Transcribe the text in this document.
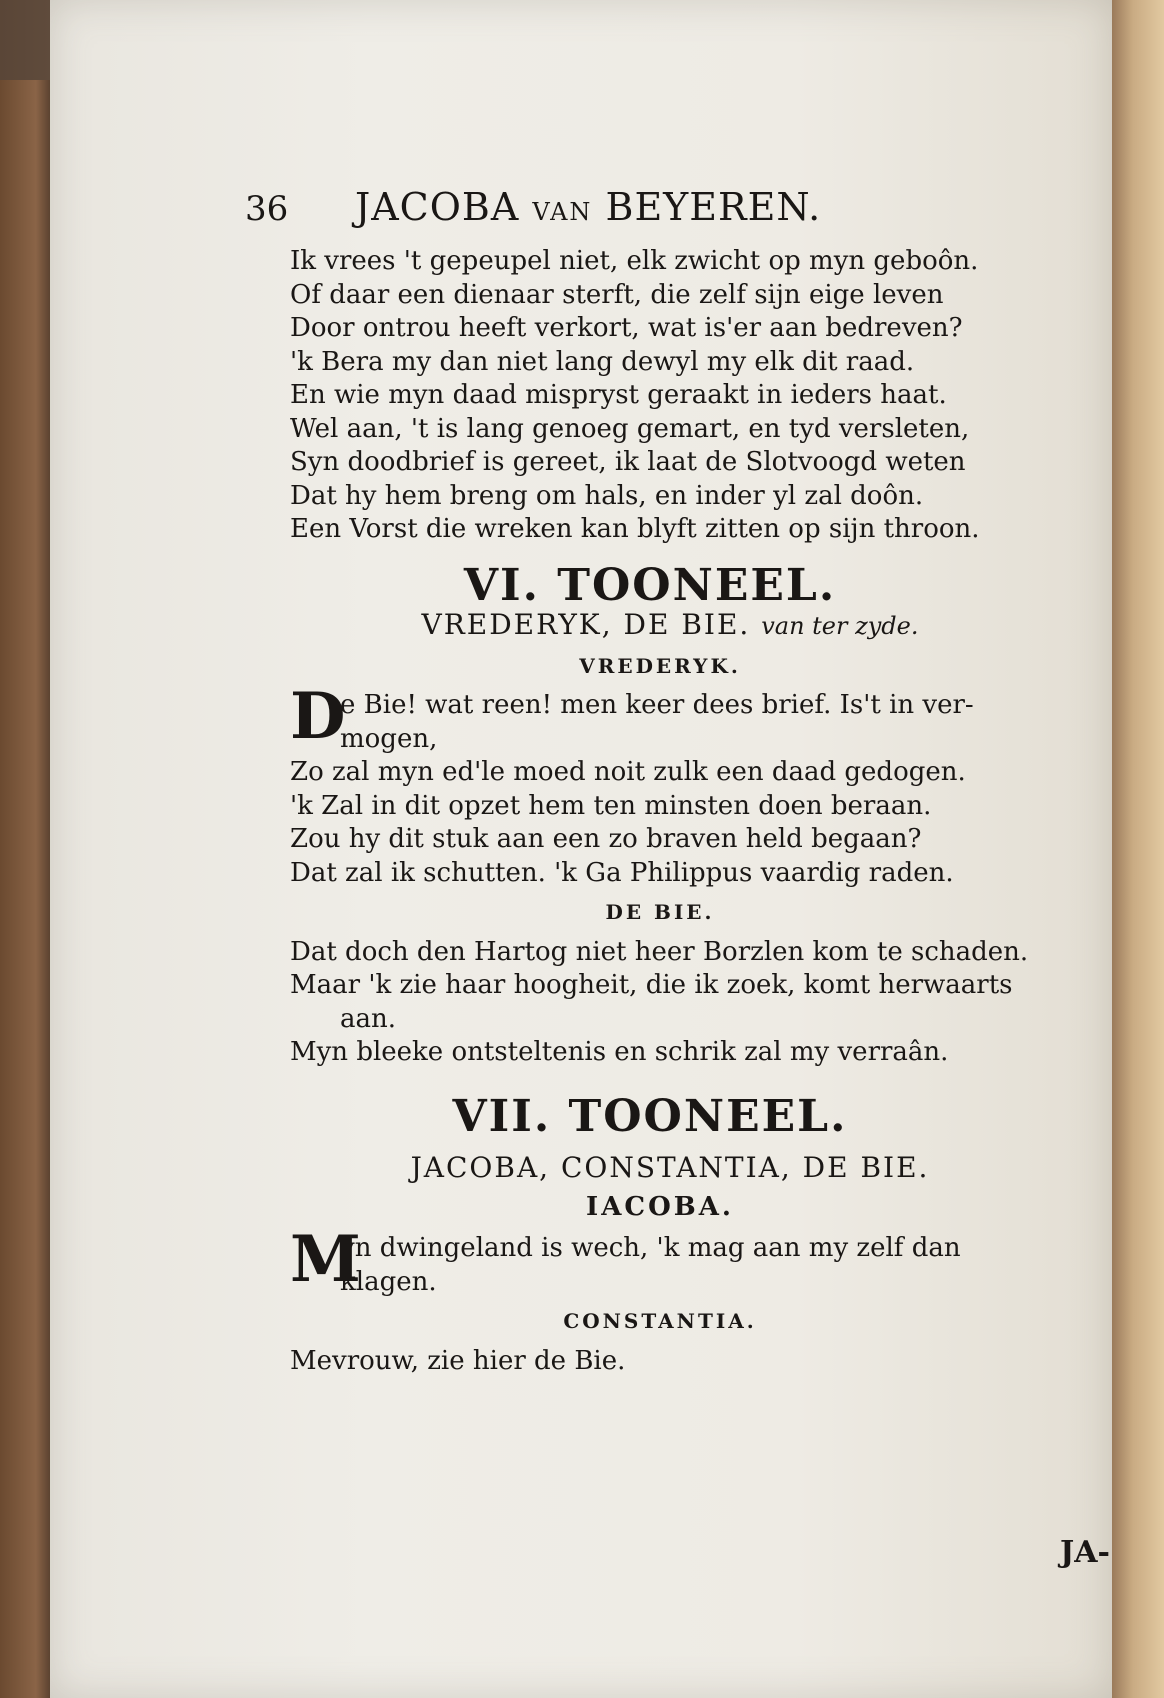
36 JACOBA VAN BEYEREN.

Ik vrees 't gepeupel niet, elk zwicht op myn geboôn.

Of daar een dienaar sterft, die zelf sijn eige leven

Door ontrou heeft verkort, wat is'er aan bedreven?

'k Bera my dan niet lang dewyl my elk dit raad.

En wie myn daad mispryst geraakt in ieders haat.

Wel aan, 't is lang genoeg gemart, en tyd versleten,

Syn doodbrief is gereet, ik laat de Slotvoogd weten

Dat hy hem breng om hals, en inder yl zal doôn.

Een Vorst die wreken kan blyft zitten op sijn throon.

VI. TOONEEL.
VREDERYK, DE BIE. van ter zyde.
VREDERYK.
D
e Bie! wat reen! men keer dees brief. Is't in ver-

mogen,

Zo zal myn ed'le moed noit zulk een daad gedogen.

'k Zal in dit opzet hem ten minsten doen beraan.

Zou hy dit stuk aan een zo braven held begaan?

Dat zal ik schutten. 'k Ga Philippus vaardig raden.

DE BIE.

Dat doch den Hartog niet heer Borzlen kom te schaden.

Maar 'k zie haar hoogheit, die ik zoek, komt herwaarts

aan.

Myn bleeke ontsteltenis en schrik zal my verraân.

VII. TOONEEL.
JACOBA, CONSTANTIA, DE BIE.
IACOBA.
M
yn dwingeland is wech, 'k mag aan my zelf dan

klagen.

CONSTANTIA.

Mevrouw, zie hier de Bie.

JA-
